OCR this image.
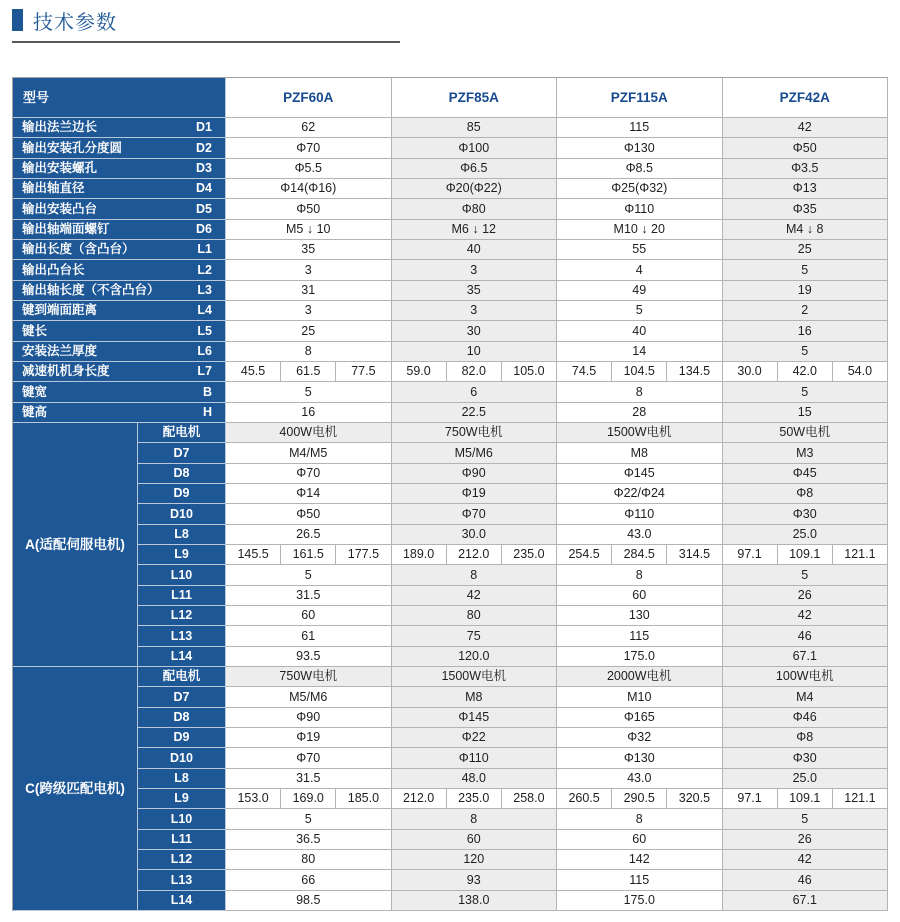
技术参数
型号	PZF60A	PZF85A	PZF115A	PZF42A
输出法兰边长	D1	62	85	115	42
输出安装孔分度圆	D2	Φ70	Φ100	Φ130	Φ50
输出安装螺孔	D3	Φ5.5	Φ6.5	Φ8.5	Φ3.5
输出轴直径	D4	Φ14(Φ16)	Φ20(Φ22)	Φ25(Φ32)	Φ13
输出安装凸台	D5	Φ50	Φ80	Φ110	Φ35
输出轴端面螺钉	D6	M5 ↓ 10	M6 ↓ 12	M10 ↓ 20	M4 ↓ 8
输出长度（含凸台）	L1	35	40	55	25
输出凸台长	L2	3	3	4	5
输出轴长度（不含凸台）	L3	31	35	49	19
键到端面距离	L4	3	3	5	2
键长	L5	25	30	40	16
安装法兰厚度	L6	8	10	14	5
减速机机身长度	L7	45.5	61.5	77.5	59.0	82.0	105.0	74.5	104.5	134.5	30.0	42.0	54.0
键宽	B	5	6	8	5
键高	H	16	22.5	28	15
A(适配伺服电机)
配电机	400W电机	750W电机	1500W电机	50W电机
D7	M4/M5	M5/M6	M8	M3
D8	Φ70	Φ90	Φ145	Φ45
D9	Φ14	Φ19	Φ22/Φ24	Φ8
D10	Φ50	Φ70	Φ110	Φ30
L8	26.5	30.0	43.0	25.0
L9	145.5	161.5	177.5	189.0	212.0	235.0	254.5	284.5	314.5	97.1	109.1	121.1
L10	5	8	8	5
L11	31.5	42	60	26
L12	60	80	130	42
L13	61	75	115	46
L14	93.5	120.0	175.0	67.1
C(跨级匹配电机)
配电机	750W电机	1500W电机	2000W电机	100W电机
D7	M5/M6	M8	M10	M4
D8	Φ90	Φ145	Φ165	Φ46
D9	Φ19	Φ22	Φ32	Φ8
D10	Φ70	Φ110	Φ130	Φ30
L8	31.5	48.0	43.0	25.0
L9	153.0	169.0	185.0	212.0	235.0	258.0	260.5	290.5	320.5	97.1	109.1	121.1
L10	5	8	8	5
L11	36.5	60	60	26
L12	80	120	142	42
L13	66	93	115	46
L14	98.5	138.0	175.0	67.1
